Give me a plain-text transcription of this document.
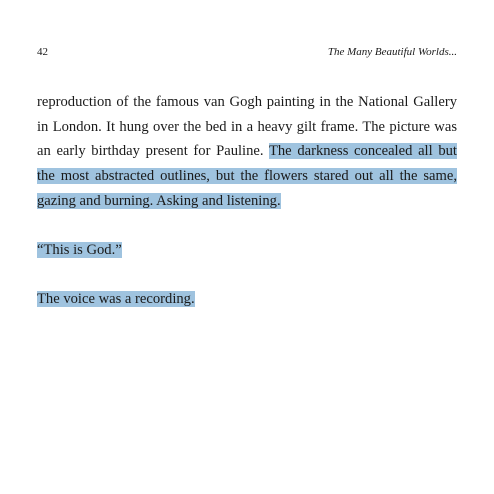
42	The Many Beautiful Worlds...

reproduction of the famous van Gogh painting in the National Gallery in London. It hung over the bed in a heavy gilt frame. The picture was an early birthday present for Pauline. The darkness concealed all but the most abstracted outlines, but the flowers stared out all the same, gazing and burning. Asking and listening.

“This is God.”

The voice was a recording.
